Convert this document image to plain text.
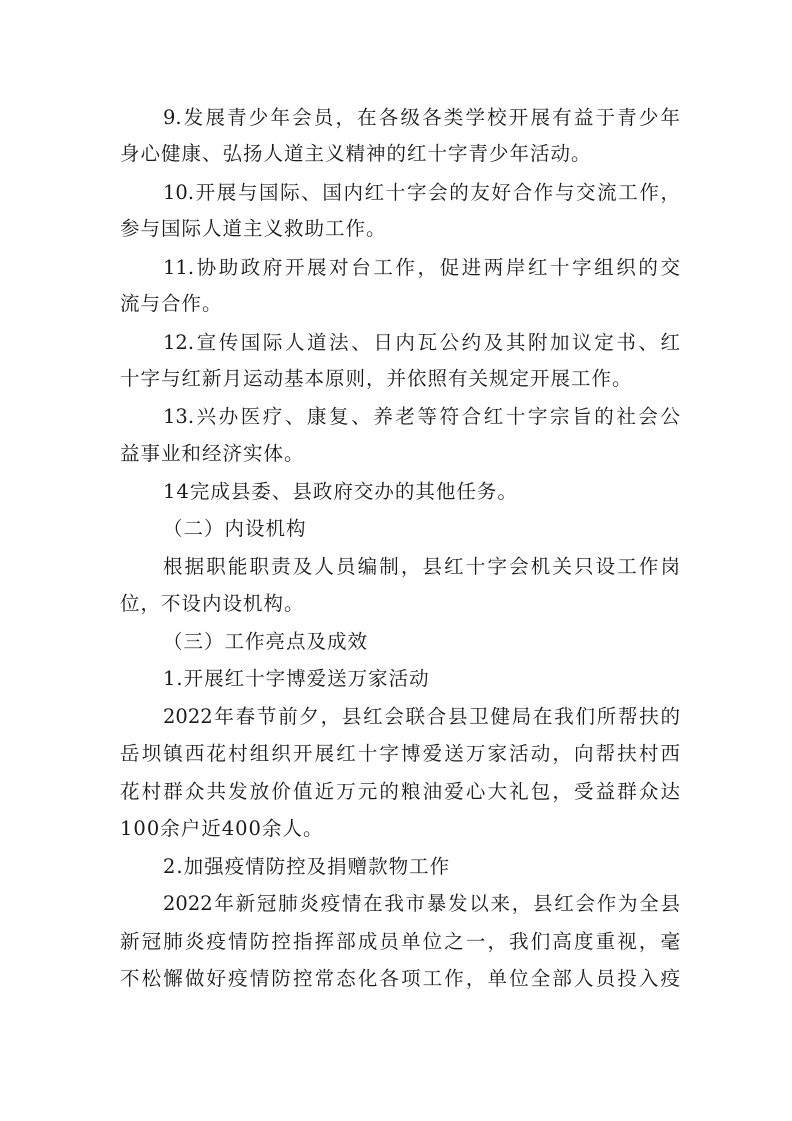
9.发展青少年会员，在各级各类学校开展有益于青少年
身心健康、弘扬人道主义精神的红十字青少年活动。
10.开展与国际、国内红十字会的友好合作与交流工作，
参与国际人道主义救助工作。
11.协助政府开展对台工作，促进两岸红十字组织的交
流与合作。
12.宣传国际人道法、日内瓦公约及其附加议定书、红
十字与红新月运动基本原则，并依照有关规定开展工作。
13.兴办医疗、康复、养老等符合红十字宗旨的社会公
益事业和经济实体。
14完成县委、县政府交办的其他任务。
（二）内设机构
根据职能职责及人员编制，县红十字会机关只设工作岗
位，不设内设机构。
（三）工作亮点及成效
1.开展红十字博爱送万家活动
2022年春节前夕，县红会联合县卫健局在我们所帮扶的
岳坝镇西花村组织开展红十字博爱送万家活动，向帮扶村西
花村群众共发放价值近万元的粮油爱心大礼包，受益群众达
100余户近400余人。
2.加强疫情防控及捐赠款物工作
2022年新冠肺炎疫情在我市暴发以来，县红会作为全县
新冠肺炎疫情防控指挥部成员单位之一，我们高度重视，毫
不松懈做好疫情防控常态化各项工作，单位全部人员投入疫
